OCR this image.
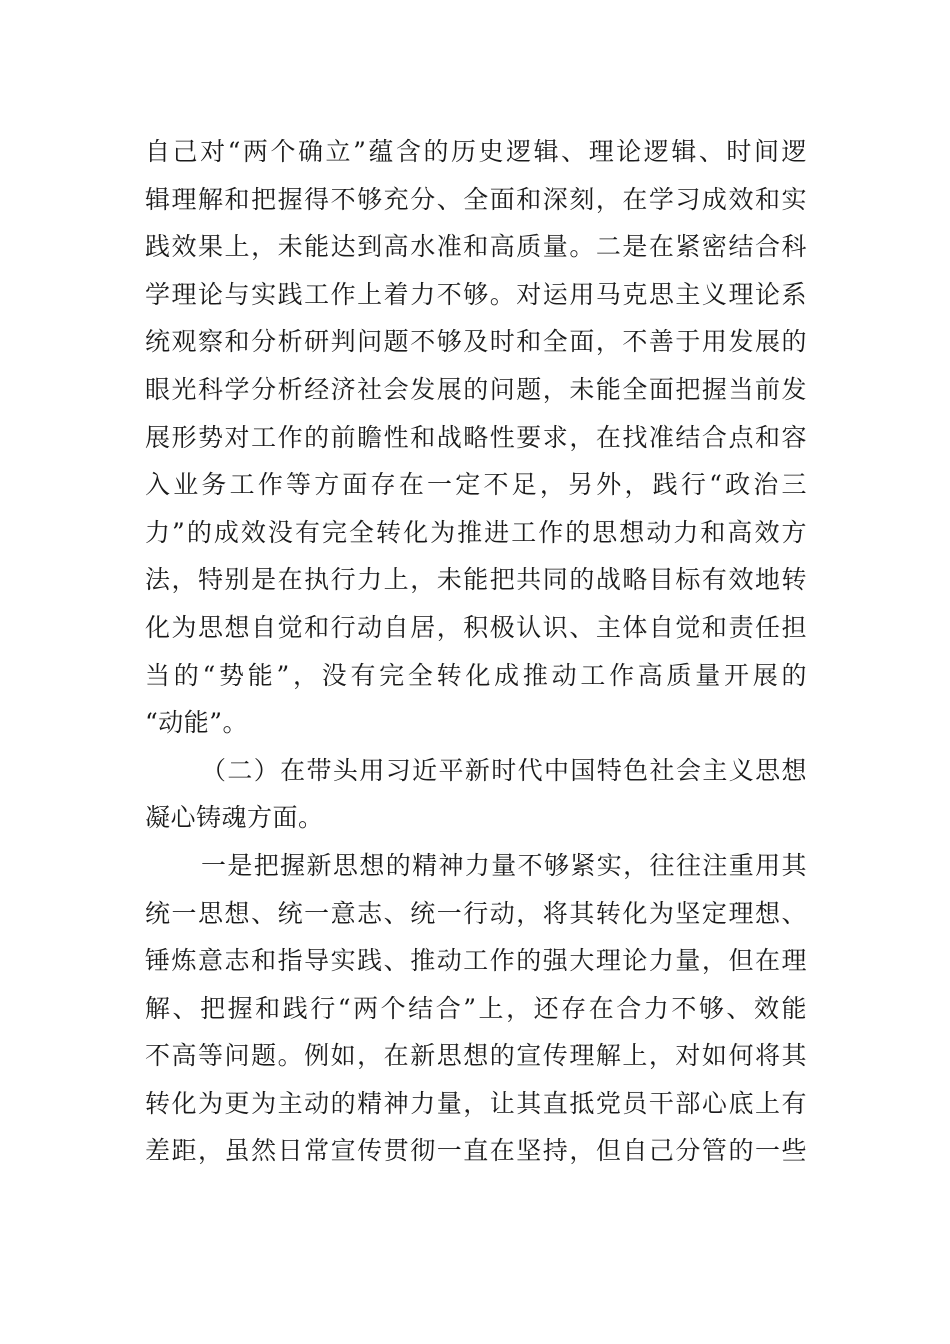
自己对“两个确立”蕴含的历史逻辑、理论逻辑、时间逻
辑理解和把握得不够充分、全面和深刻，在学习成效和实
践效果上，未能达到高水准和高质量。二是在紧密结合科
学理论与实践工作上着力不够。对运用马克思主义理论系
统观察和分析研判问题不够及时和全面，不善于用发展的
眼光科学分析经济社会发展的问题，未能全面把握当前发
展形势对工作的前瞻性和战略性要求，在找准结合点和容
入业务工作等方面存在一定不足，另外，践行“政治三
力”的成效没有完全转化为推进工作的思想动力和高效方
法，特别是在执行力上，未能把共同的战略目标有效地转
化为思想自觉和行动自居，积极认识、主体自觉和责任担
当的“势能”，没有完全转化成推动工作高质量开展的
“动能”。
（二）在带头用习近平新时代中国特色社会主义思想
凝心铸魂方面。
一是把握新思想的精神力量不够紧实，往往注重用其
统一思想、统一意志、统一行动，将其转化为坚定理想、
锤炼意志和指导实践、推动工作的强大理论力量，但在理
解、把握和践行“两个结合”上，还存在合力不够、效能
不高等问题。例如，在新思想的宣传理解上，对如何将其
转化为更为主动的精神力量，让其直抵党员干部心底上有
差距，虽然日常宣传贯彻一直在坚持，但自己分管的一些
